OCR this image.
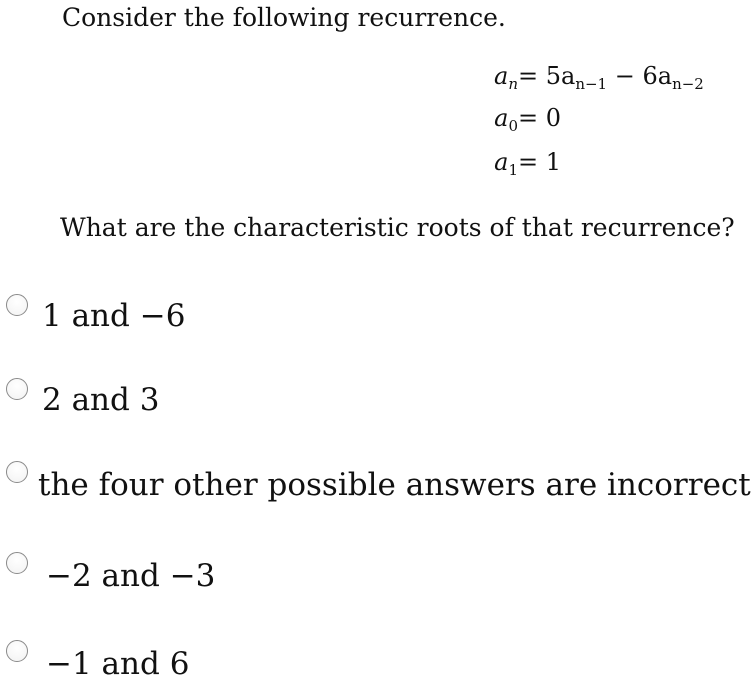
Consider the following recurrence.

$a_n = 5a_{n-1} - 6a_{n-2}$
$a_0 = 0$
$a_1 = 1$

What are the characteristic roots of that recurrence?

1 and −6
2 and 3
the four other possible answers are incorrect
−2 and −3
−1 and 6
